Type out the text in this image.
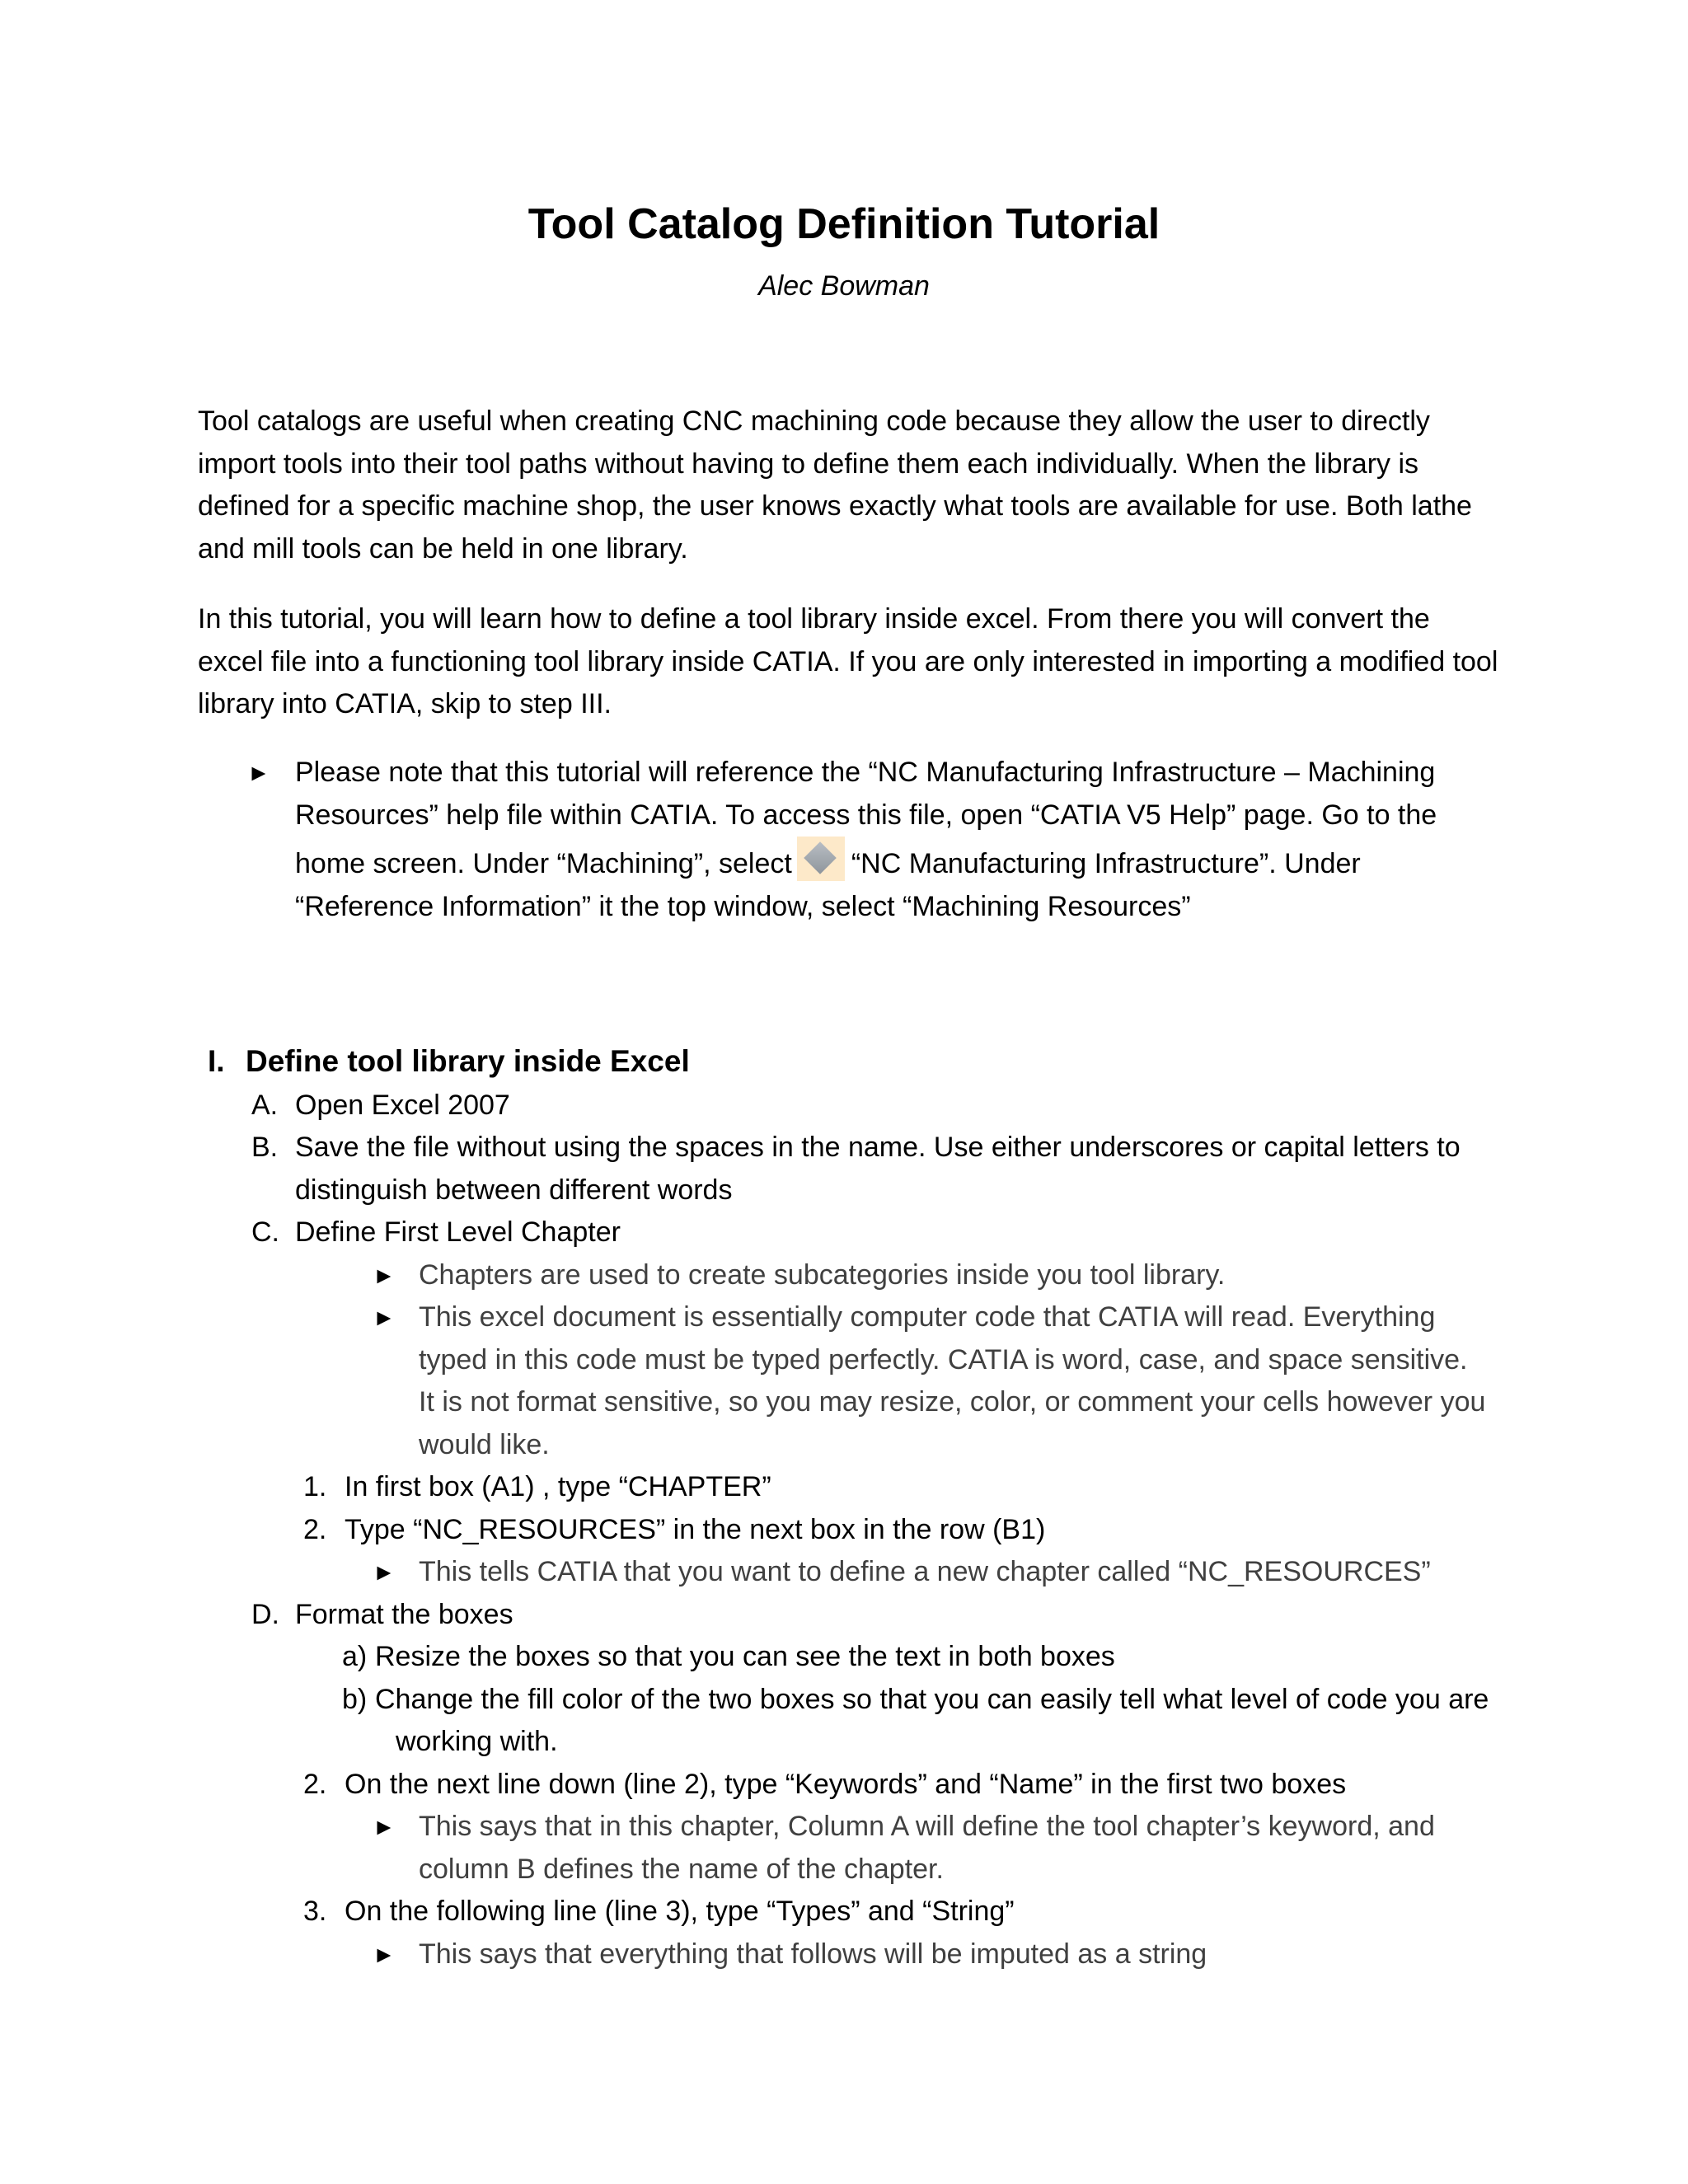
Tool Catalog Definition Tutorial
Alec Bowman

Tool catalogs are useful when creating CNC machining code because they allow the user to directly import tools into their tool paths without having to define them each individually. When the library is defined for a specific machine shop, the user knows exactly what tools are available for use. Both lathe and mill tools can be held in one library.

In this tutorial, you will learn how to define a tool library inside excel. From there you will convert the excel file into a functioning tool library inside CATIA. If you are only interested in importing a modified tool library into CATIA, skip to step III.

► Please note that this tutorial will reference the “NC Manufacturing Infrastructure – Machining Resources” help file within CATIA. To access this file, open “CATIA V5 Help” page. Go to the home screen. Under “Machining”, select “NC Manufacturing Infrastructure”. Under “Reference Information” it the top window, select “Machining Resources”
I. Define tool library inside Excel
A. Open Excel 2007
B. Save the file without using the spaces in the name. Use either underscores or capital letters to
distinguish between different words
C. Define First Level Chapter
► Chapters are used to create subcategories inside you tool library.
► This excel document is essentially computer code that CATIA will read. Everything
typed in this code must be typed perfectly. CATIA is word, case, and space sensitive.
It is not format sensitive, so you may resize, color, or comment your cells however you
would like.
1. In first box (A1) , type “CHAPTER”
2. Type “NC_RESOURCES” in the next box in the row (B1)
► This tells CATIA that you want to define a new chapter called “NC_RESOURCES”
D. Format the boxes
a) Resize the boxes so that you can see the text in both boxes
b) Change the fill color of the two boxes so that you can easily tell what level of code you are
working with.
2. On the next line down (line 2), type “Keywords” and “Name” in the first two boxes
► This says that in this chapter, Column A will define the tool chapter’s keyword, and
column B defines the name of the chapter.
3. On the following line (line 3), type “Types” and “String”
► This says that everything that follows will be imputed as a string
